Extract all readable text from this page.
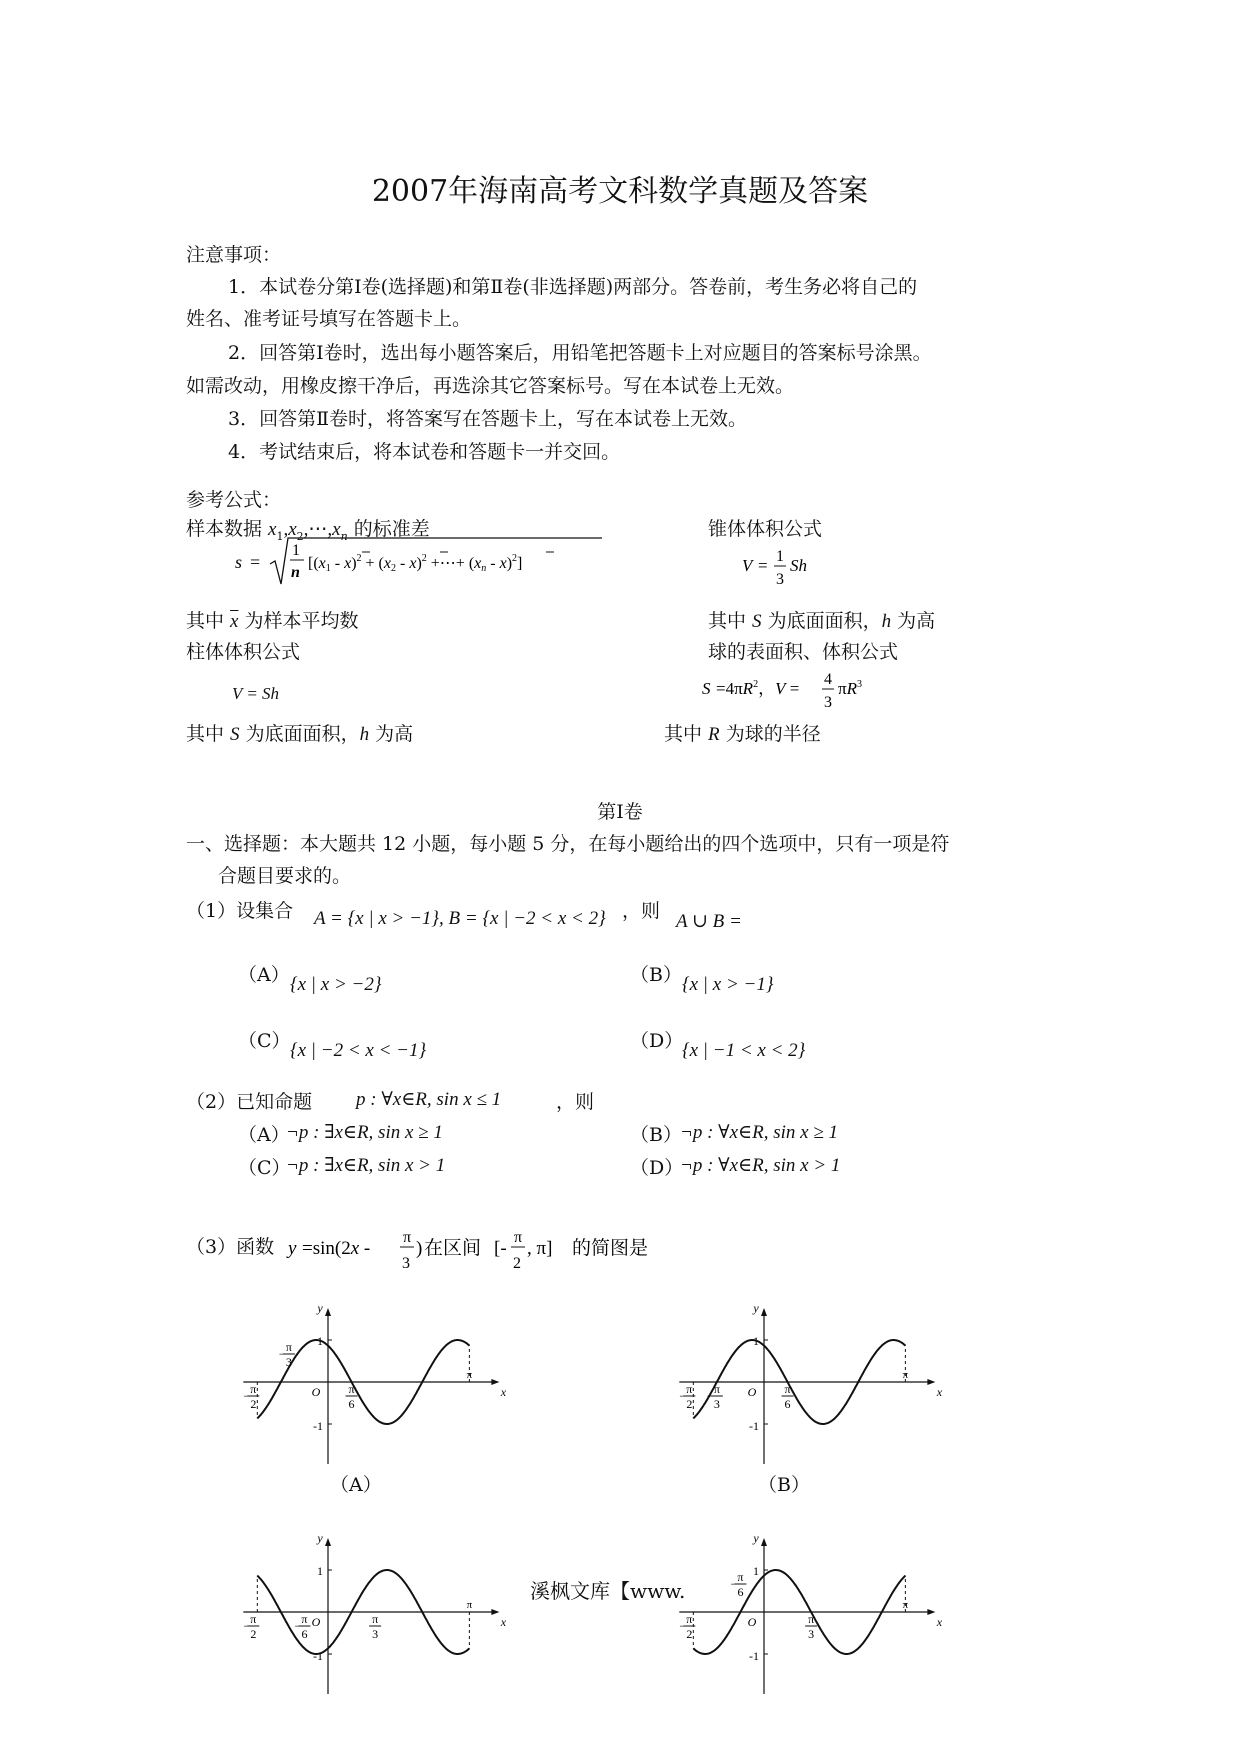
2007年海南高考文科数学真题及答案
注意事项：
1．本试卷分第Ⅰ卷(选择题)和第Ⅱ卷(非选择题)两部分。答卷前，考生务必将自己的
姓名、准考证号填写在答题卡上。
2．回答第Ⅰ卷时，选出每小题答案后，用铅笔把答题卡上对应题目的答案标号涂黑。
如需改动，用橡皮擦干净后，再选涂其它答案标号。写在本试卷上无效。
3．回答第Ⅱ卷时，将答案写在答题卡上，写在本试卷上无效。
4．考试结束后，将本试卷和答题卡一并交回。
参考公式：
样本数据 $x_1,x_2,\cdots,x_n$ 的标准差
s =
1
n
[(x1 - x)$^2$ + (x2 - x)$^2$ +⋯+ (xn - x)$^2$]
其中 $\overline{x}$ 为样本平均数
柱体体积公式
V = Sh
其中 S 为底面面积，h 为高
锥体体积公式
V = 1
3
Sh
其中 S 为底面面积，h 为高
球的表面积、体积公式
$S =4\pi R^2$，V = 4
3
$\pi R^3$
其中 R 为球的半径
第Ⅰ卷
一、选择题：本大题共 12 小题，每小题 5 分，在每小题给出的四个选项中，只有一项是符
合题目要求的。
（1）设集合 A = {x | x > −1}, B = {x | −2 < x < 2} ，则 A ∪ B =
（A） {x | x > −2}	（B） {x | x > −1}
（C） {x | −2 < x < −1}	（D）
{x | −1 < x < 2}
（2）已知命题 p : ∀x∈R, sin x ≤ 1	，则
（A）
¬p : ∃x∈R, sin x ≥ 1	（B）
¬p : ∀x∈R, sin x ≥ 1
（C）
¬p : ∃x∈R, sin x > 1	（D）
¬p : ∀x∈R, sin x > 1
（3）函数 y =sin(2x -
π
3
) 在区间 [-
π
2
, π] 的简图是
y
x
O
1
-1
− π
2
π
− π
3
π
6
y
x
O
1
-1
− π
2
π
− π
3
π
6
y
x
O
1
-1
− π
2
π
− π
6
π
3
y
x
O
1
-1
− π
2
π
− π
6
π
3
（A）	（B）
溪枫文库【www.
